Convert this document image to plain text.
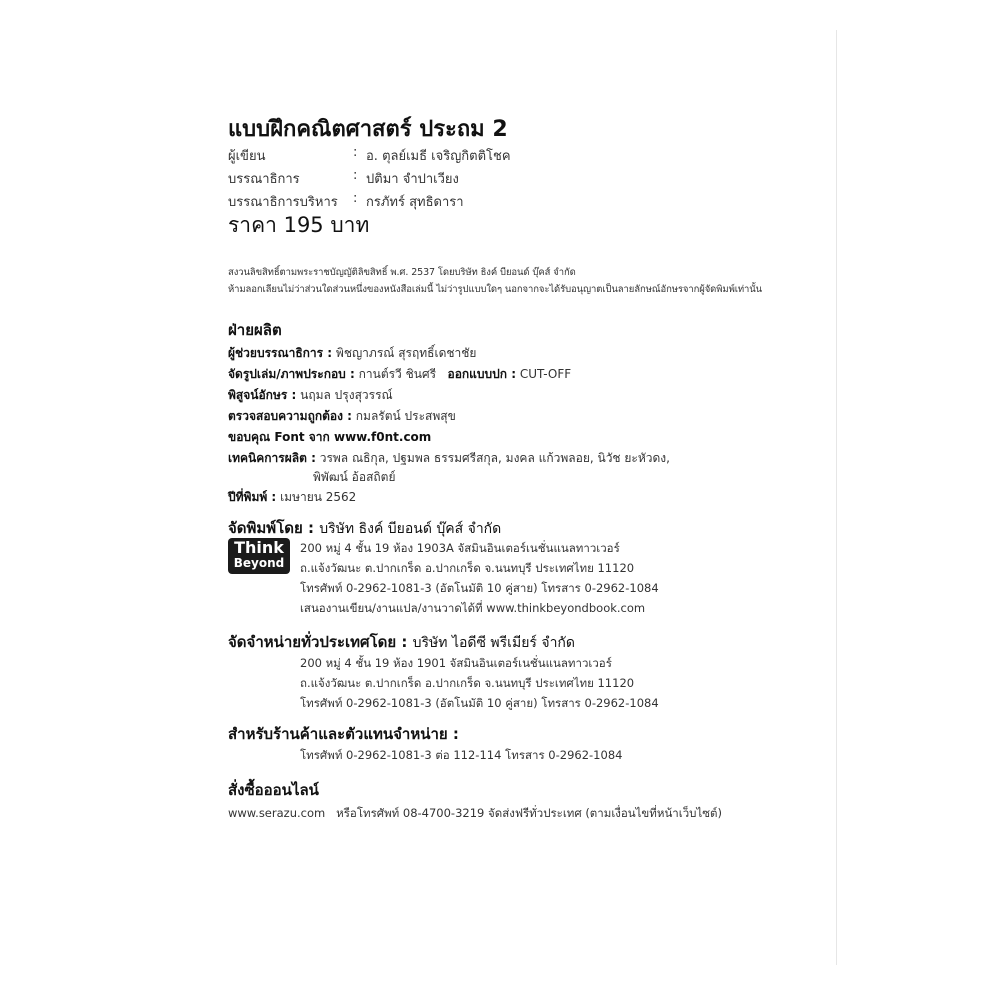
แบบฝึกคณิตศาสตร์ ประถม 2
ผู้เขียน	: อ. ตุลย์เมธี เจริญกิตติโชค
บรรณาธิการ	: ปติมา จำปาเวียง
บรรณาธิการบริหาร : กรภัทร์ สุทธิดารา
ราคา 195 บาท
สงวนลิขสิทธิ์ตามพระราชบัญญัติลิขสิทธิ์ พ.ศ. 2537 โดยบริษัท ธิงค์ บียอนด์ บุ๊คส์ จำกัด
ห้ามลอกเลียนไม่ว่าส่วนใดส่วนหนึ่งของหนังสือเล่มนี้ ไม่ว่ารูปแบบใดๆ นอกจากจะได้รับอนุญาตเป็นลายลักษณ์อักษรจากผู้จัดพิมพ์เท่านั้น
ฝ่ายผลิต
ผู้ช่วยบรรณาธิการ : พิชญาภรณ์ สุรฤทธิ์เดชาชัย
จัดรูปเล่ม/ภาพประกอบ : กานต์รวี ชินศรี ออกแบบปก : CUT-OFF
พิสูจน์อักษร : นฤมล ปรุงสุวรรณ์
ตรวจสอบความถูกต้อง : กมลรัตน์ ประสพสุข
ขอบคุณ Font จาก www.f0nt.com
เทคนิคการผลิต : วรพล ณธิกุล, ปฐมพล ธรรมศรีสกุล, มงคล แก้วพลอย, นิวัช ยะหัวดง,
พิพัฒน์ อ้อสถิตย์
ปีที่พิมพ์ : เมษายน 2562
จัดพิมพ์โดย : บริษัท ธิงค์ บียอนด์ บุ๊คส์ จำกัด
Think
Beyond
200 หมู่ 4 ชั้น 19 ห้อง 1903A จัสมินอินเตอร์เนชั่นแนลทาวเวอร์
ถ.แจ้งวัฒนะ ต.ปากเกร็ด อ.ปากเกร็ด จ.นนทบุรี ประเทศไทย 11120
โทรศัพท์ 0-2962-1081-3 (อัตโนมัติ 10 คู่สาย) โทรสาร 0-2962-1084
เสนองานเขียน/งานแปล/งานวาดได้ที่ www.thinkbeyondbook.com
จัดจำหน่ายทั่วประเทศโดย : บริษัท ไอดีซี พรีเมียร์ จำกัด
200 หมู่ 4 ชั้น 19 ห้อง 1901 จัสมินอินเตอร์เนชั่นแนลทาวเวอร์
ถ.แจ้งวัฒนะ ต.ปากเกร็ด อ.ปากเกร็ด จ.นนทบุรี ประเทศไทย 11120
โทรศัพท์ 0-2962-1081-3 (อัตโนมัติ 10 คู่สาย) โทรสาร 0-2962-1084
สำหรับร้านค้าและตัวแทนจำหน่าย :
โทรศัพท์ 0-2962-1081-3 ต่อ 112-114 โทรสาร 0-2962-1084
สั่งซื้อออนไลน์
www.serazu.com หรือโทรศัพท์ 08-4700-3219 จัดส่งฟรีทั่วประเทศ (ตามเงื่อนไขที่หน้าเว็บไซต์)
